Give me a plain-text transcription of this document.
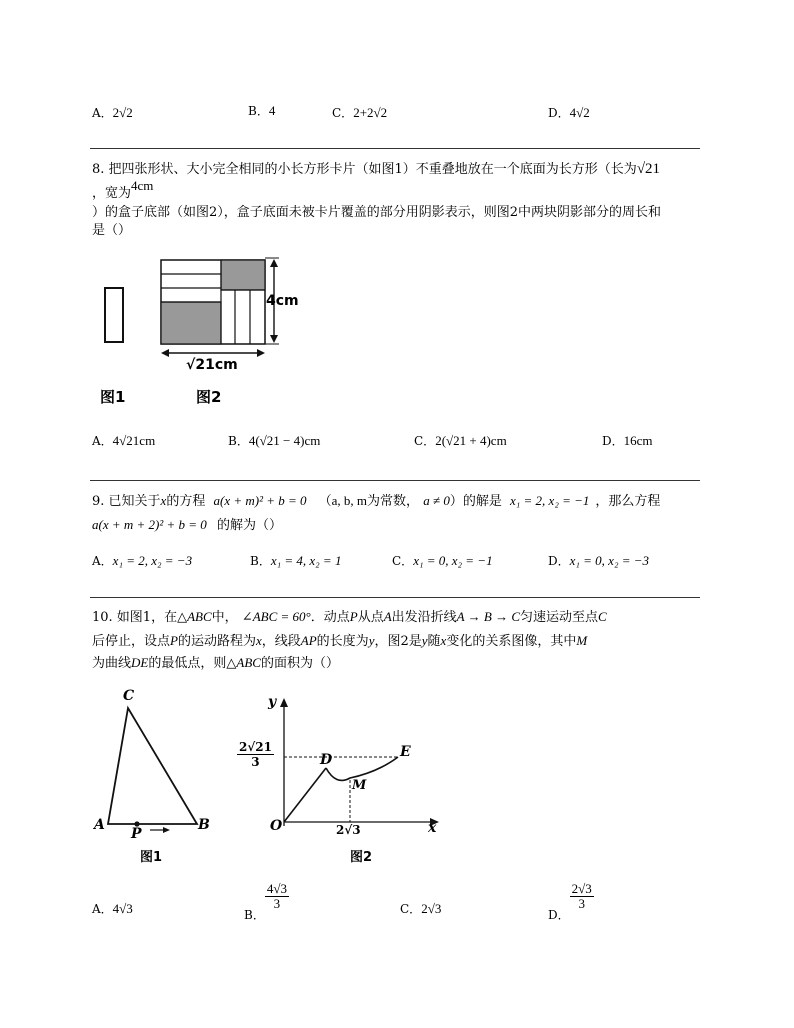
A．2√2	B．4	C．2+2√2	D．4√2
8. 把四张形状、大小完全相同的小长方形卡片（如图1）不重叠地放在一个底面为长方形（长为√21
，宽为4cm
）的盒子底部（如图2），盒子底面未被卡片覆盖的部分用阴影表示，则图2中两块阴影部分的周长和
是（）
4cm
√21cm
图1	图2
A．4√21cm	B．4(√21 − 4)cm	C．2(√21 + 4)cm	D．16cm
9. 已知关于x的方程 a(x + m)² + b = 0 （a, b, m为常数， a ≠ 0）的解是 x₁ = 2, x₂ = −1 ，那么方程
a(x + m + 2)² + b = 0 的解为（）
A．x₁ = 2, x₂ = −3	B．x₁ = 4, x₂ = 1	C．x₁ = 0, x₂ = −1	D．x₁ = 0, x₂ = −3
10. 如图1，在△ABC中， ∠ABC = 60°．动点P从点A出发沿折线A → B → C匀速运动至点C
后停止，设点P的运动路程为x，线段AP的长度为y，图2是y随x变化的关系图像，其中M
为曲线DE的最低点，则△ABC的面积为（）
C
A	B
P
图1
y
x
O
D	E
M
$\frac{2√21}{3}$
2√3
图2
A．4√3	$_{B.}$
$\frac{4√3}{3}$	C．2√3	$_{D.}$
$\frac{2√3}{3}$
